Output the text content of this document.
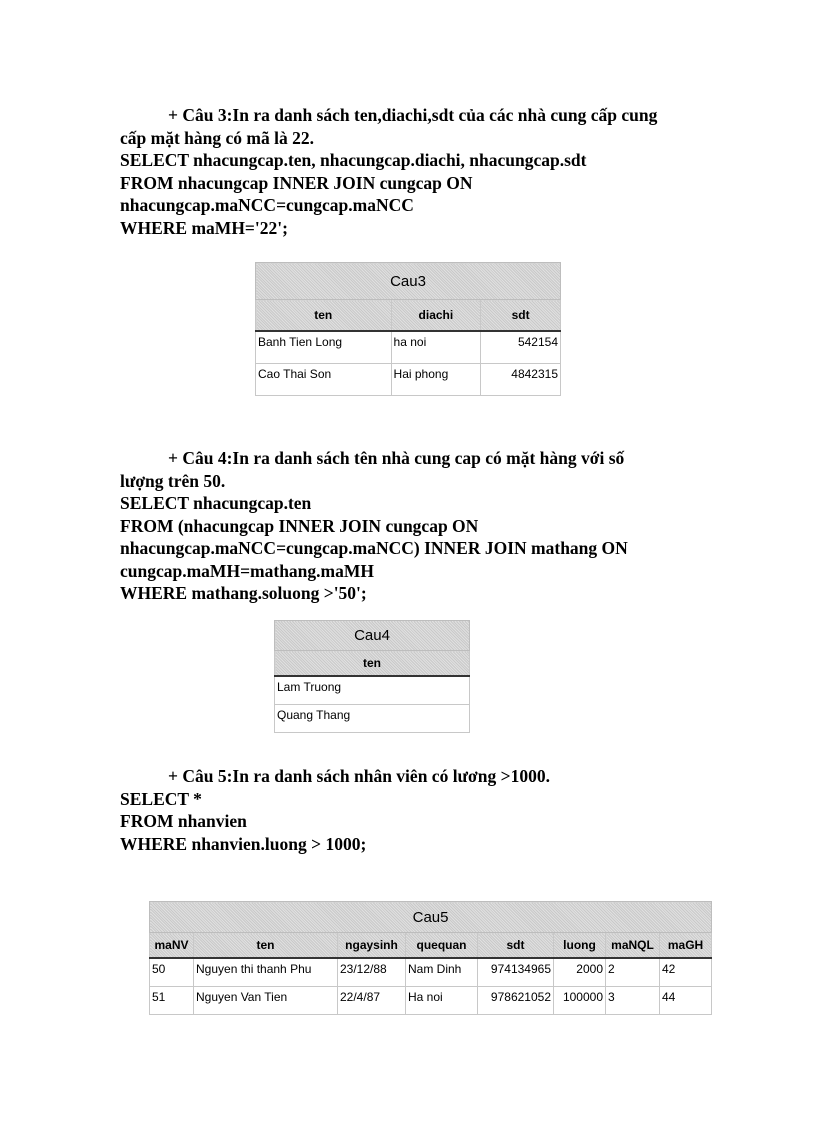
+ Câu 3:In ra danh sách ten,diachi,sdt của các nhà cung cấp cung
cấp mặt hàng có mã là 22.
SELECT nhacungcap.ten, nhacungcap.diachi, nhacungcap.sdt
FROM nhacungcap INNER JOIN cungcap ON
nhacungcap.maNCC=cungcap.maNCC
WHERE maMH='22';
Cau3		
ten	diachi	sdt
Banh Tien Long	ha noi	542154
Cao Thai Son	Hai phong	4842315
+ Câu 4:In ra danh sách tên nhà cung cap có mặt hàng với số
lượng trên 50.
SELECT nhacungcap.ten
FROM (nhacungcap INNER JOIN cungcap ON
nhacungcap.maNCC=cungcap.maNCC) INNER JOIN mathang ON
cungcap.maMH=mathang.maMH
WHERE mathang.soluong >'50';
Cau4
ten
Lam Truong
Quang Thang
+ Câu 5:In ra danh sách nhân viên có lương >1000.
SELECT *
FROM nhanvien
WHERE nhanvien.luong > 1000;
Cau5							
maNV	ten	ngaysinh	quequan	sdt	luong	maNQL	maGH
50	Nguyen thi thanh Phu	23/12/88	Nam Dinh	974134965	2000	2	42
51	Nguyen Van Tien	22/4/87	Ha noi	978621052	100000	3	44
